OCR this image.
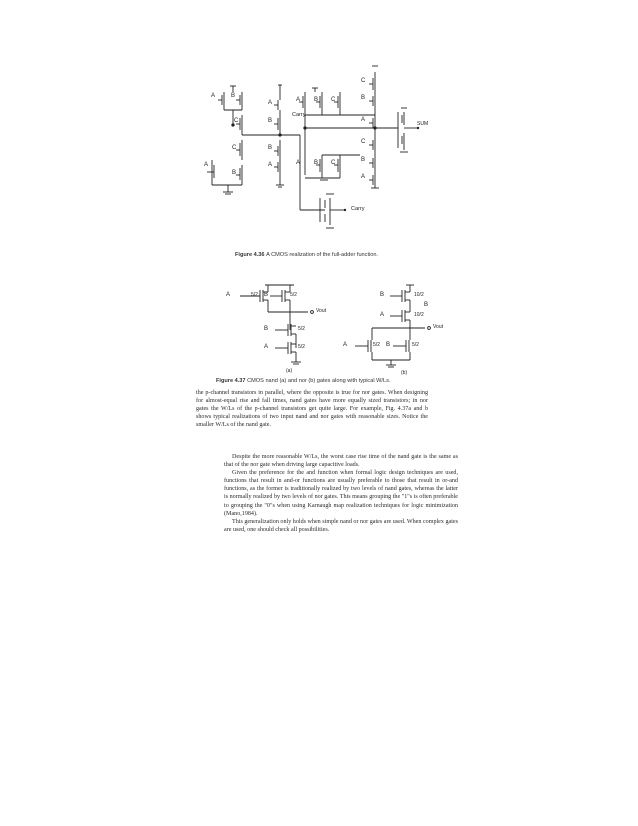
A	B
A
C	B
C	B
A
A
B
A B C
Carry
A B C
C
B
A
C
B
A
SUM
Carry
Figure 4.36 A CMOS realization of the full-adder function.
A	5/2 B	5/2
Vout
B	5/2
A	5/2
(a)
B	10/2
B
A	10/2
Vout
A	5/2 B	5/2
(b)
Figure 4.37 CMOS nand (a) and nor (b) gates along with typical W/Ls.

the p-channel transistors in parallel, where the opposite is true for nor gates. When designing for almost-equal rise and fall times, nand gates have more equally sized transistors; in nor gates the W/Ls of the p-channel transistors get quite large. For example, Fig. 4.37a and b shows typical realizations of two input nand and nor gates with reasonable sizes. Notice the smaller W/Ls of the nand gate.

Despite the more reasonable W/Ls, the worst case rise time of the nand gate is the same as that of the nor gate when driving large capacitive loads.

Given the preference for the and function when formal logic design techniques are used, functions that result in and-or functions are usually preferable to those that result in or-and functions, as the former is traditionally realized by two levels of nand gates, whereas the latter is normally realized by two levels of nor gates. This means grouping the "1"s is often preferable to grouping the "0"s when using Karnaugh map realization techniques for logic minimization (Mano,1984).

This generalization only holds when simple nand or nor gates are used. When complex gates are used, one should check all possibilities.
